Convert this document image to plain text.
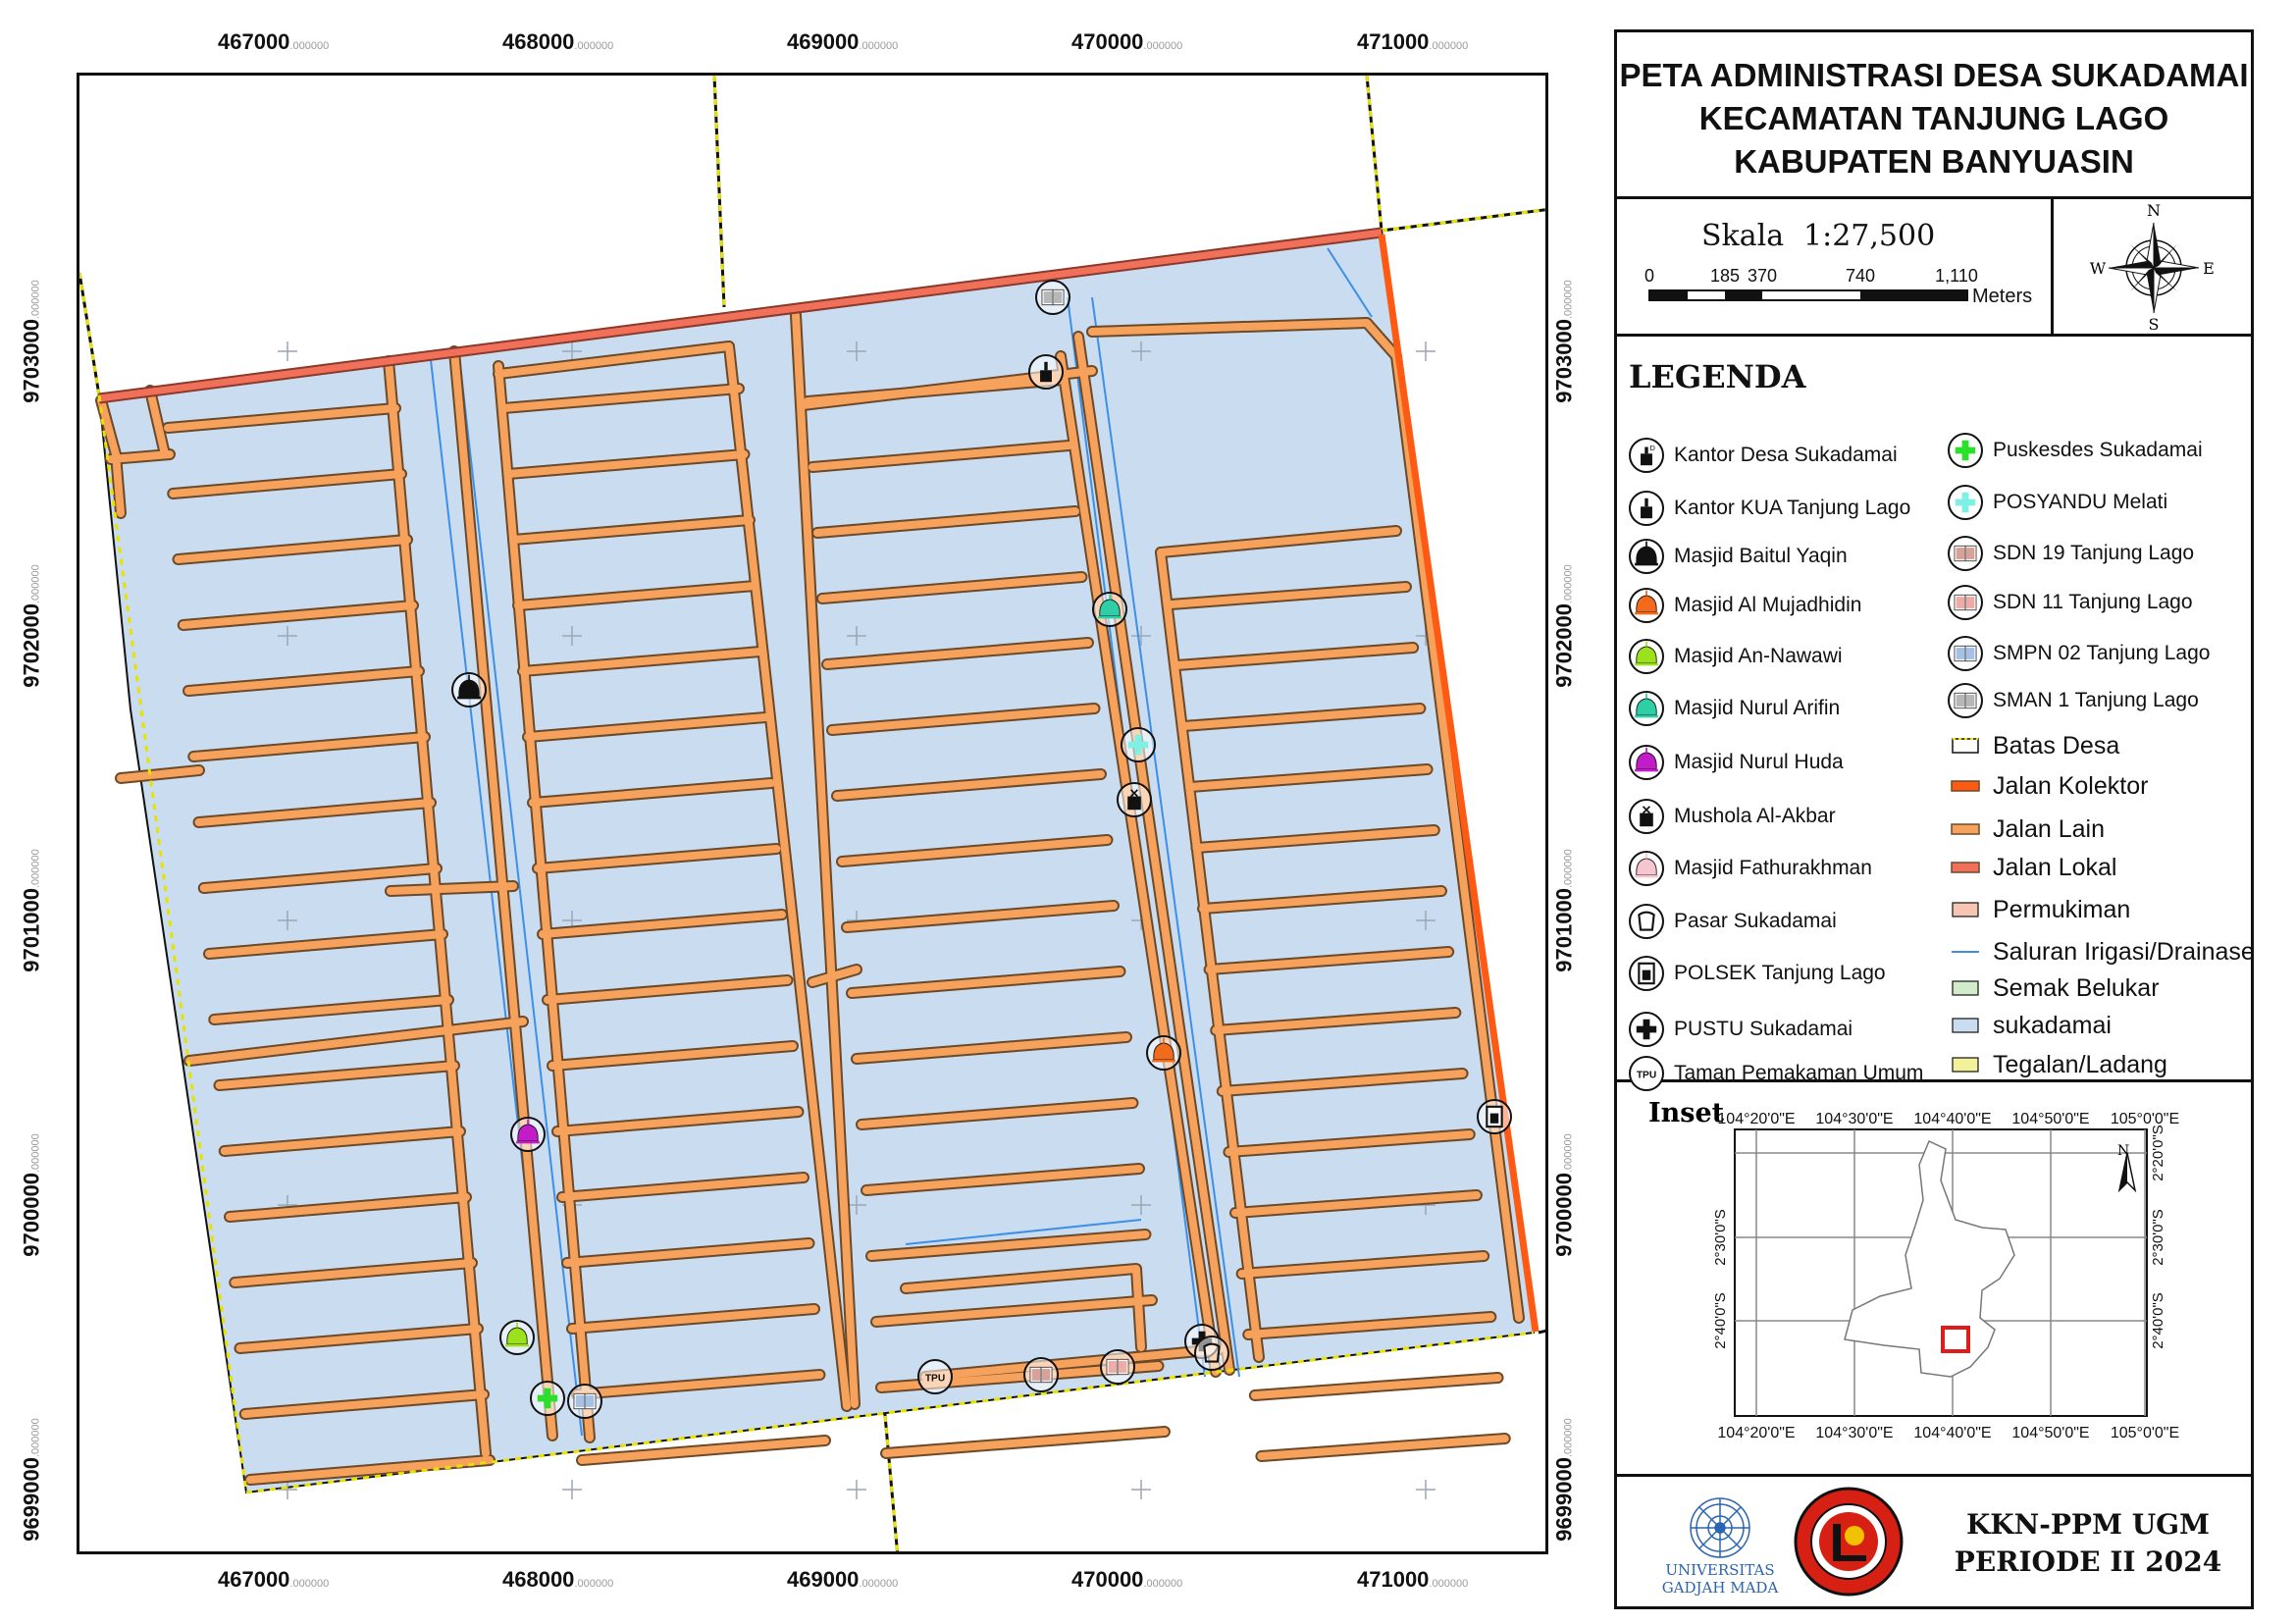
467000.000000	468000.000000	469000.000000	470000.000000	471000.000000
467000.000000	468000.000000	469000.000000	470000.000000	471000.000000
9703000.000000
9702000.000000
9701000.000000
9700000.000000
9699000.000000
9703000.000000
9702000.000000
9701000.000000
9700000.000000
9699000.000000
TPU
PETA ADMINISTRASI DESA SUKADAMAI
KECAMATAN TANJUNG LAGO
KABUPATEN BANYUASIN
Skala 1:27,500
0	185 370	740	1,110
Meters
N
S
E
W
LEGENDA
D Kantor Desa Sukadamai
Kantor KUA Tanjung Lago
Masjid Baitul Yaqin
Masjid Al Mujadhidin
Masjid An-Nawawi
Masjid Nurul Arifin
Masjid Nurul Huda
Mushola Al-Akbar
Masjid Fathurakhman
Pasar Sukadamai
POLSEK Tanjung Lago
PUSTU Sukadamai
TPU Taman Pemakaman Umum
Puskesdes Sukadamai
POSYANDU Melati
SDN 19 Tanjung Lago
SDN 11 Tanjung Lago
SMPN 02 Tanjung Lago
SMAN 1 Tanjung Lago
Batas Desa
Jalan Kolektor
Jalan Lain
Jalan Lokal
Permukiman
Saluran Irigasi/Drainase
Semak Belukar
sukadamai
Tegalan/Ladang
Inset
104°20'0"E 104°30'0"E 104°40'0"E 104°50'0"E 105°0'0"E
104°20'0"E 104°30'0"E 104°40'0"E 104°50'0"E 105°0'0"E
2°30'0"S
2°40'0"S
2°20'0"S
2°30'0"S
2°40'0"S
N
UNIVERSITAS
GADJAH MADA
KKN-PPM UGM
PERIODE II 2024
